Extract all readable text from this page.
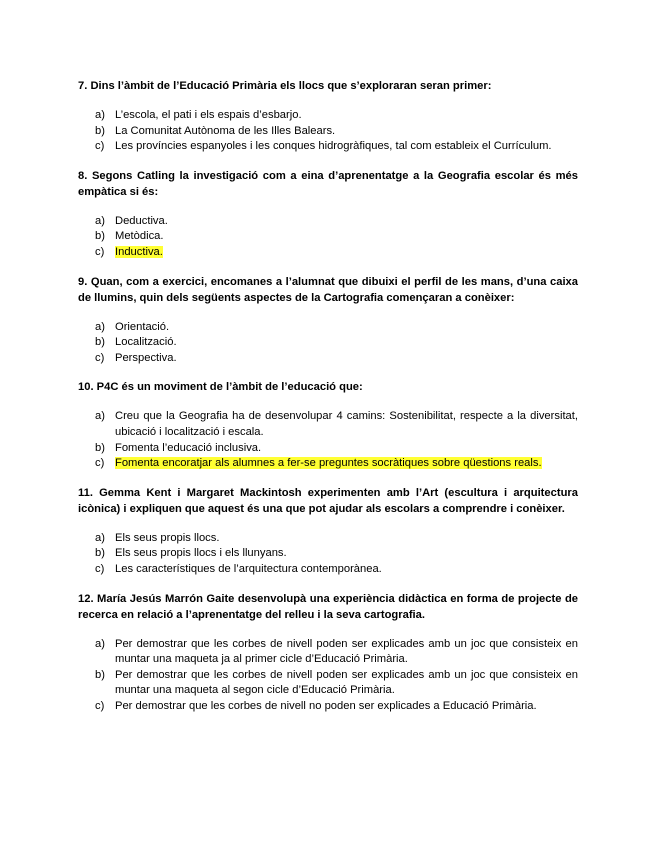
7. Dins l’àmbit de l’Educació Primària els llocs que s’exploraran seran primer:

a) L’escola, el pati i els espais d’esbarjo.
b) La Comunitat Autònoma de les Illes Balears.
c) Les províncies espanyoles i les conques hidrogràfiques, tal com estableix el Currículum.

8. Segons Catling la investigació com a eina d’aprenentatge a la Geografia escolar és més empàtica si és:

a) Deductiva.
b) Metòdica.
c) Inductiva.

9. Quan, com a exercici, encomanes a l’alumnat que dibuixi el perfil de les mans, d’una caixa de llumins, quin dels següents aspectes de la Cartografia començaran a conèixer:

a) Orientació.
b) Localització.
c) Perspectiva.

10. P4C és un moviment de l’àmbit de l’educació que:

a) Creu que la Geografia ha de desenvolupar 4 camins: Sostenibilitat, respecte a la diversitat, ubicació i localització i escala.
b) Fomenta l’educació inclusiva.
c) Fomenta encoratjar als alumnes a fer-se preguntes socràtiques sobre qüestions reals.

11. Gemma Kent i Margaret Mackintosh experimenten amb l’Art (escultura i arquitectura icònica) i expliquen que aquest és una que pot ajudar als escolars a comprendre i conèixer.

a) Els seus propis llocs.
b) Els seus propis llocs i els llunyans.
c) Les característiques de l’arquitectura contemporànea.

12. María Jesús Marrón Gaite desenvolupà una experiència didàctica en forma de projecte de recerca en relació a l’aprenentatge del relleu i la seva cartografia.

a) Per demostrar que les corbes de nivell poden ser explicades amb un joc que consisteix en muntar una maqueta ja al primer cicle d’Educació Primària.
b) Per demostrar que les corbes de nivell poden ser explicades amb un joc que consisteix en muntar una maqueta al segon cicle d’Educació Primària.
c) Per demostrar que les corbes de nivell no poden ser explicades a Educació Primària.
